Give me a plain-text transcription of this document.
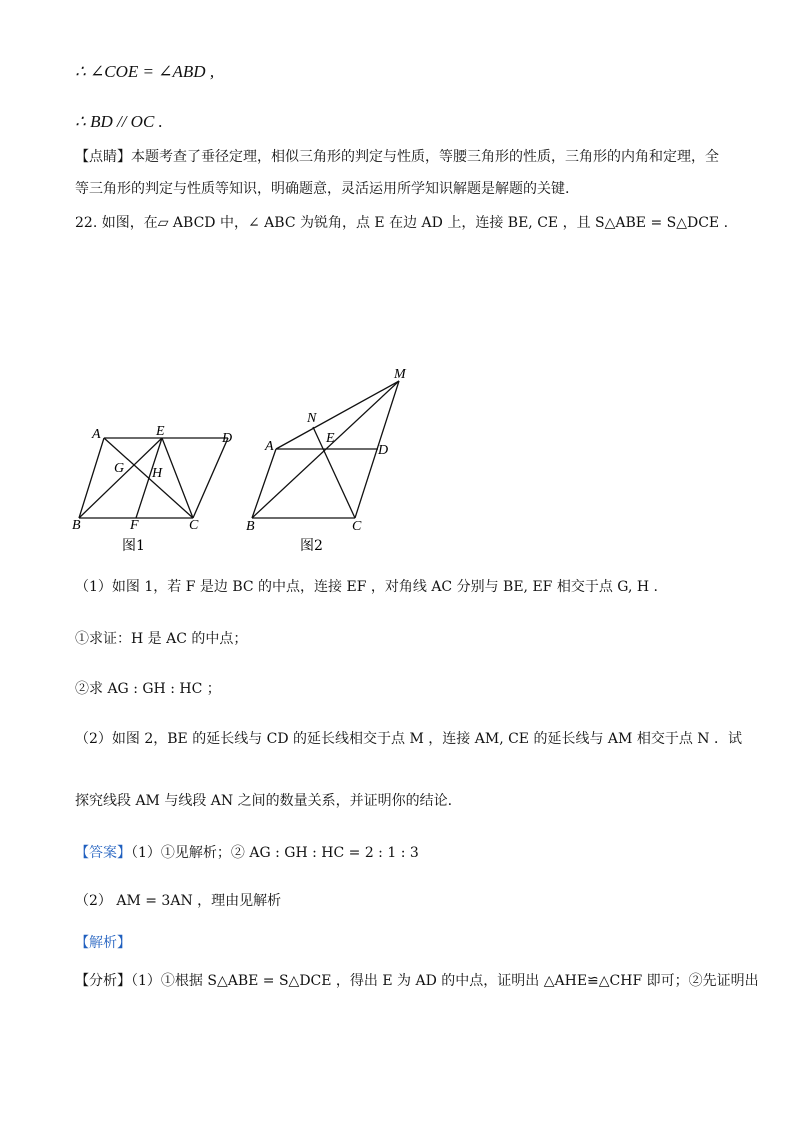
∴ ∠COE = ∠ABD ,
∴ BD // OC .
【点睛】本题考查了垂径定理，相似三角形的判定与性质，等腰三角形的性质，三角形的内角和定理，全
等三角形的判定与性质等知识，明确题意，灵活运用所学知识解题是解题的关键.
22. 如图，在▱ ABCD 中，∠ ABC 为锐角，点 E 在边 AD 上，连接 BE, CE ，且 S△ABE = S△DCE .
A	E	D
G H
B	F	C
图1
M
N
A
E
D
B	C
图2
（1）如图 1，若 F 是边 BC 的中点，连接 EF ，对角线 AC 分别与 BE, EF 相交于点 G, H .
①求证：H 是 AC 的中点；
②求 AG : GH : HC ；
（2）如图 2，BE 的延长线与 CD 的延长线相交于点 M ，连接 AM, CE 的延长线与 AM 相交于点 N ．试
探究线段 AM 与线段 AN 之间的数量关系，并证明你的结论.
【答案】（1）①见解析；② AG : GH : HC = 2 : 1 : 3
（2） AM = 3AN ，理由见解析
【解析】
【分析】（1）①根据 S△ABE = S△DCE ，得出 E 为 AD 的中点，证明出 △AHE≌△CHF 即可；②先证明出
